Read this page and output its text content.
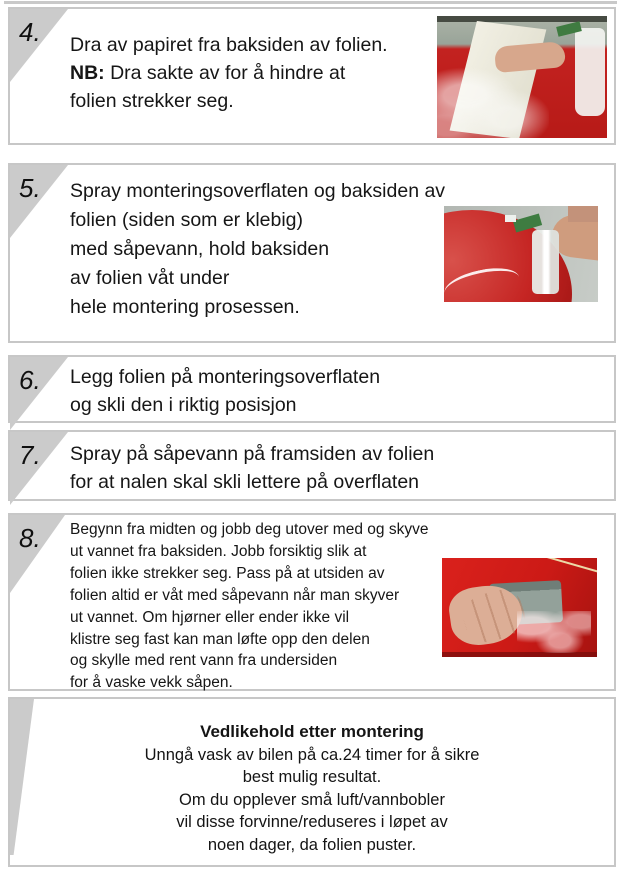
4. Dra av papiret fra baksiden av folien.
NB: Dra sakte av for å hindre at
folien strekker seg.
5. Spray monteringsoverflaten og baksiden av
folien (siden som er klebig)
med såpevann, hold baksiden
av folien våt under
hele montering prosessen.
6. Legg folien på monteringsoverflaten
og skli den i riktig posisjon
7. Spray på såpevann på framsiden av folien
for at nalen skal skli lettere på overflaten
8. Begynn fra midten og jobb deg utover med og skyve
ut vannet fra baksiden. Jobb forsiktig slik at
folien ikke strekker seg. Pass på at utsiden av
folien altid er våt med såpevann når man skyver
ut vannet. Om hjørner eller ender ikke vil
klistre seg fast kan man løfte opp den delen
og skylle med rent vann fra undersiden
for å vaske vekk såpen.
Vedlikehold etter montering
Unngå vask av bilen på ca.24 timer for å sikre
best mulig resultat.
Om du opplever små luft/vannbobler
vil disse forvinne/reduseres i løpet av
noen dager, da folien puster.
